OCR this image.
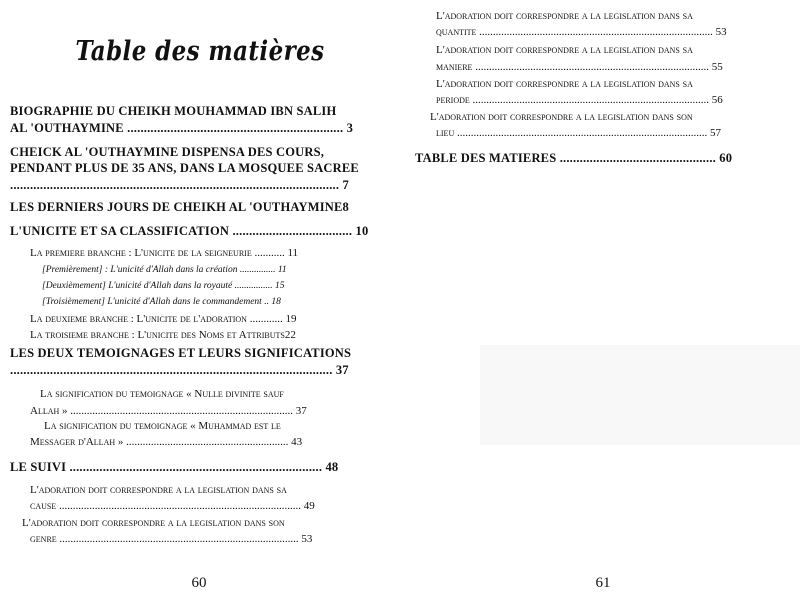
Table des matières
BIOGRAPHIE DU CHEIKH MOUHAMMAD IBN SALIH
AL 'OUTHAYMINE ................................................................. 3
CHEICK AL 'OUTHAYMINE DISPENSA DES COURS,
PENDANT PLUS DE 35 ANS, DANS LA MOSQUEE SACREE
................................................................................................... 7
LES DERNIERS JOURS DE CHEIKH AL 'OUTHAYMINE8
L'UNICITE ET SA CLASSIFICATION .................................... 10
La premiere branche : L'unicite de la seigneurie ........... 11
[Premièrement] : L'unicité d'Allah dans la création ............... 11
[Deuxièmement] L'unicité d'Allah dans la royauté ................ 15
[Troisièmement] L'unicité d'Allah dans le commandement .. 18
La deuxieme branche : L'unicite de l'adoration ............ 19
La troisieme branche : L'unicite des Noms et Attributs22
LES DEUX TEMOIGNAGES ET LEURS SIGNIFICATIONS
................................................................................................. 37
La signification du temoignage « Nulle divinite sauf
Allah » ................................................................................. 37
La signification du temoignage « Muhammad est le
Messager d'Allah » ........................................................... 43
LE SUIVI ............................................................................ 48
L'adoration doit correspondre a la legislation dans sa
cause ........................................................................................ 49
L'adoration doit correspondre a la legislation dans son
genre ....................................................................................... 53
60
L'adoration doit correspondre a la legislation dans sa
quantite ..................................................................................... 53
L'adoration doit correspondre a la legislation dans sa
maniere ..................................................................................... 55
L'adoration doit correspondre a la legislation dans sa
periode ...................................................................................... 56
L'adoration doit correspondre a la legislation dans son
lieu ........................................................................................... 57
TABLE DES MATIERES ............................................... 60
61
